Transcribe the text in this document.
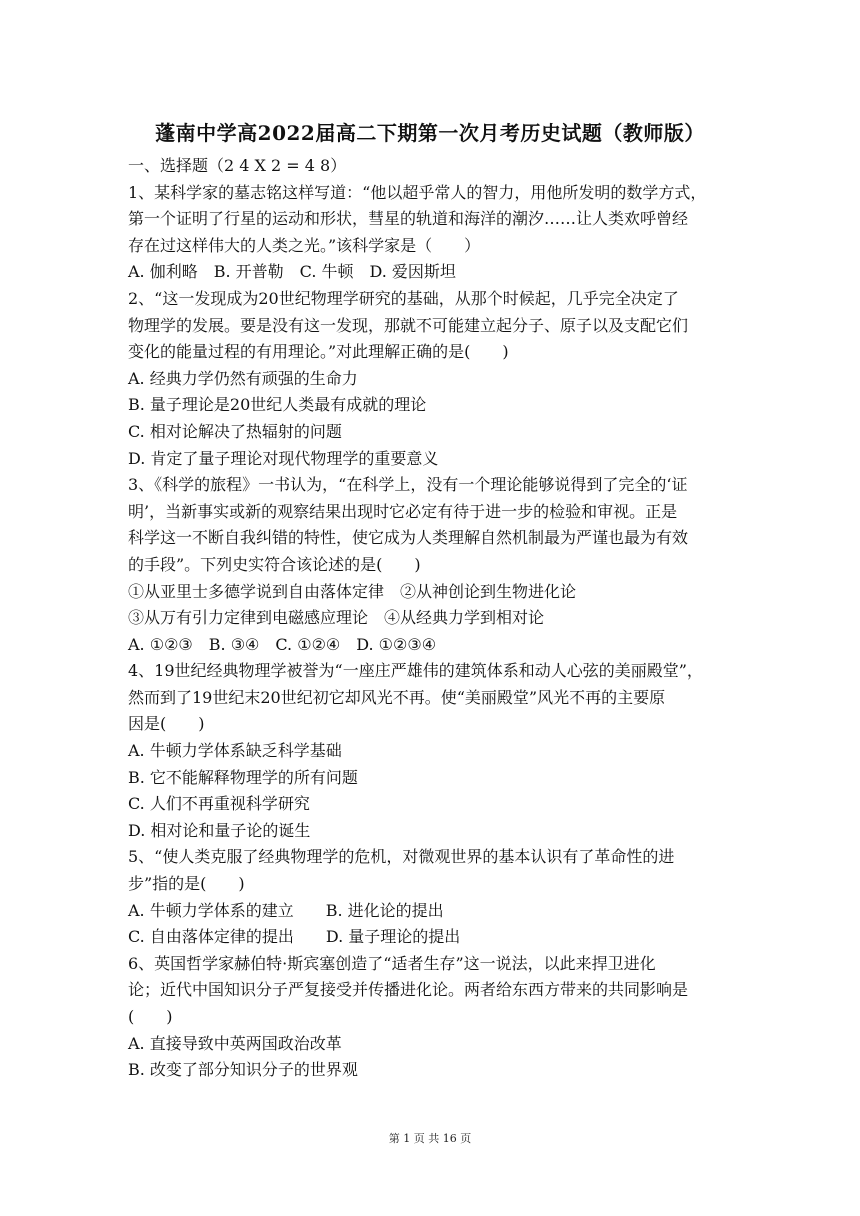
蓬南中学高2022届高二下期第一次月考历史试题（教师版）
一、选择题（2 4 X 2 = 4 8）
1、某科学家的墓志铭这样写道：“他以超乎常人的智力，用他所发明的数学方式，
第一个证明了行星的运动和形状，彗星的轨道和海洋的潮汐……让人类欢呼曾经
存在过这样伟大的人类之光。”该科学家是（　　）
A. 伽利略　B. 开普勒　C. 牛顿　D. 爱因斯坦
2、“这一发现成为20世纪物理学研究的基础，从那个时候起，几乎完全决定了
物理学的发展。要是没有这一发现，那就不可能建立起分子、原子以及支配它们
变化的能量过程的有用理论。”对此理解正确的是(　　)
A. 经典力学仍然有顽强的生命力
B. 量子理论是20世纪人类最有成就的理论
C. 相对论解决了热辐射的问题
D. 肯定了量子理论对现代物理学的重要意义
3、《科学的旅程》一书认为，“在科学上，没有一个理论能够说得到了完全的‘证
明’，当新事实或新的观察结果出现时它必定有待于进一步的检验和审视。正是
科学这一不断自我纠错的特性，使它成为人类理解自然机制最为严谨也最为有效
的手段”。下列史实符合该论述的是(　　)
①从亚里士多德学说到自由落体定律　②从神创论到生物进化论
③从万有引力定律到电磁感应理论　④从经典力学到相对论
A. ①②③　B. ③④　C. ①②④　D. ①②③④
4、19世纪经典物理学被誉为“一座庄严雄伟的建筑体系和动人心弦的美丽殿堂”，
然而到了19世纪末20世纪初它却风光不再。使“美丽殿堂”风光不再的主要原
因是(　　)
A. 牛顿力学体系缺乏科学基础
B. 它不能解释物理学的所有问题
C. 人们不再重视科学研究
D. 相对论和量子论的诞生
5、“使人类克服了经典物理学的危机，对微观世界的基本认识有了革命性的进
步”指的是(　　)
A. 牛顿力学体系的建立　　B. 进化论的提出
C. 自由落体定律的提出　　D. 量子理论的提出
6、英国哲学家赫伯特·斯宾塞创造了“适者生存”这一说法，以此来捍卫进化
论；近代中国知识分子严复接受并传播进化论。两者给东西方带来的共同影响是
(　　)
A. 直接导致中英两国政治改革
B. 改变了部分知识分子的世界观
第 1 页 共 16 页
